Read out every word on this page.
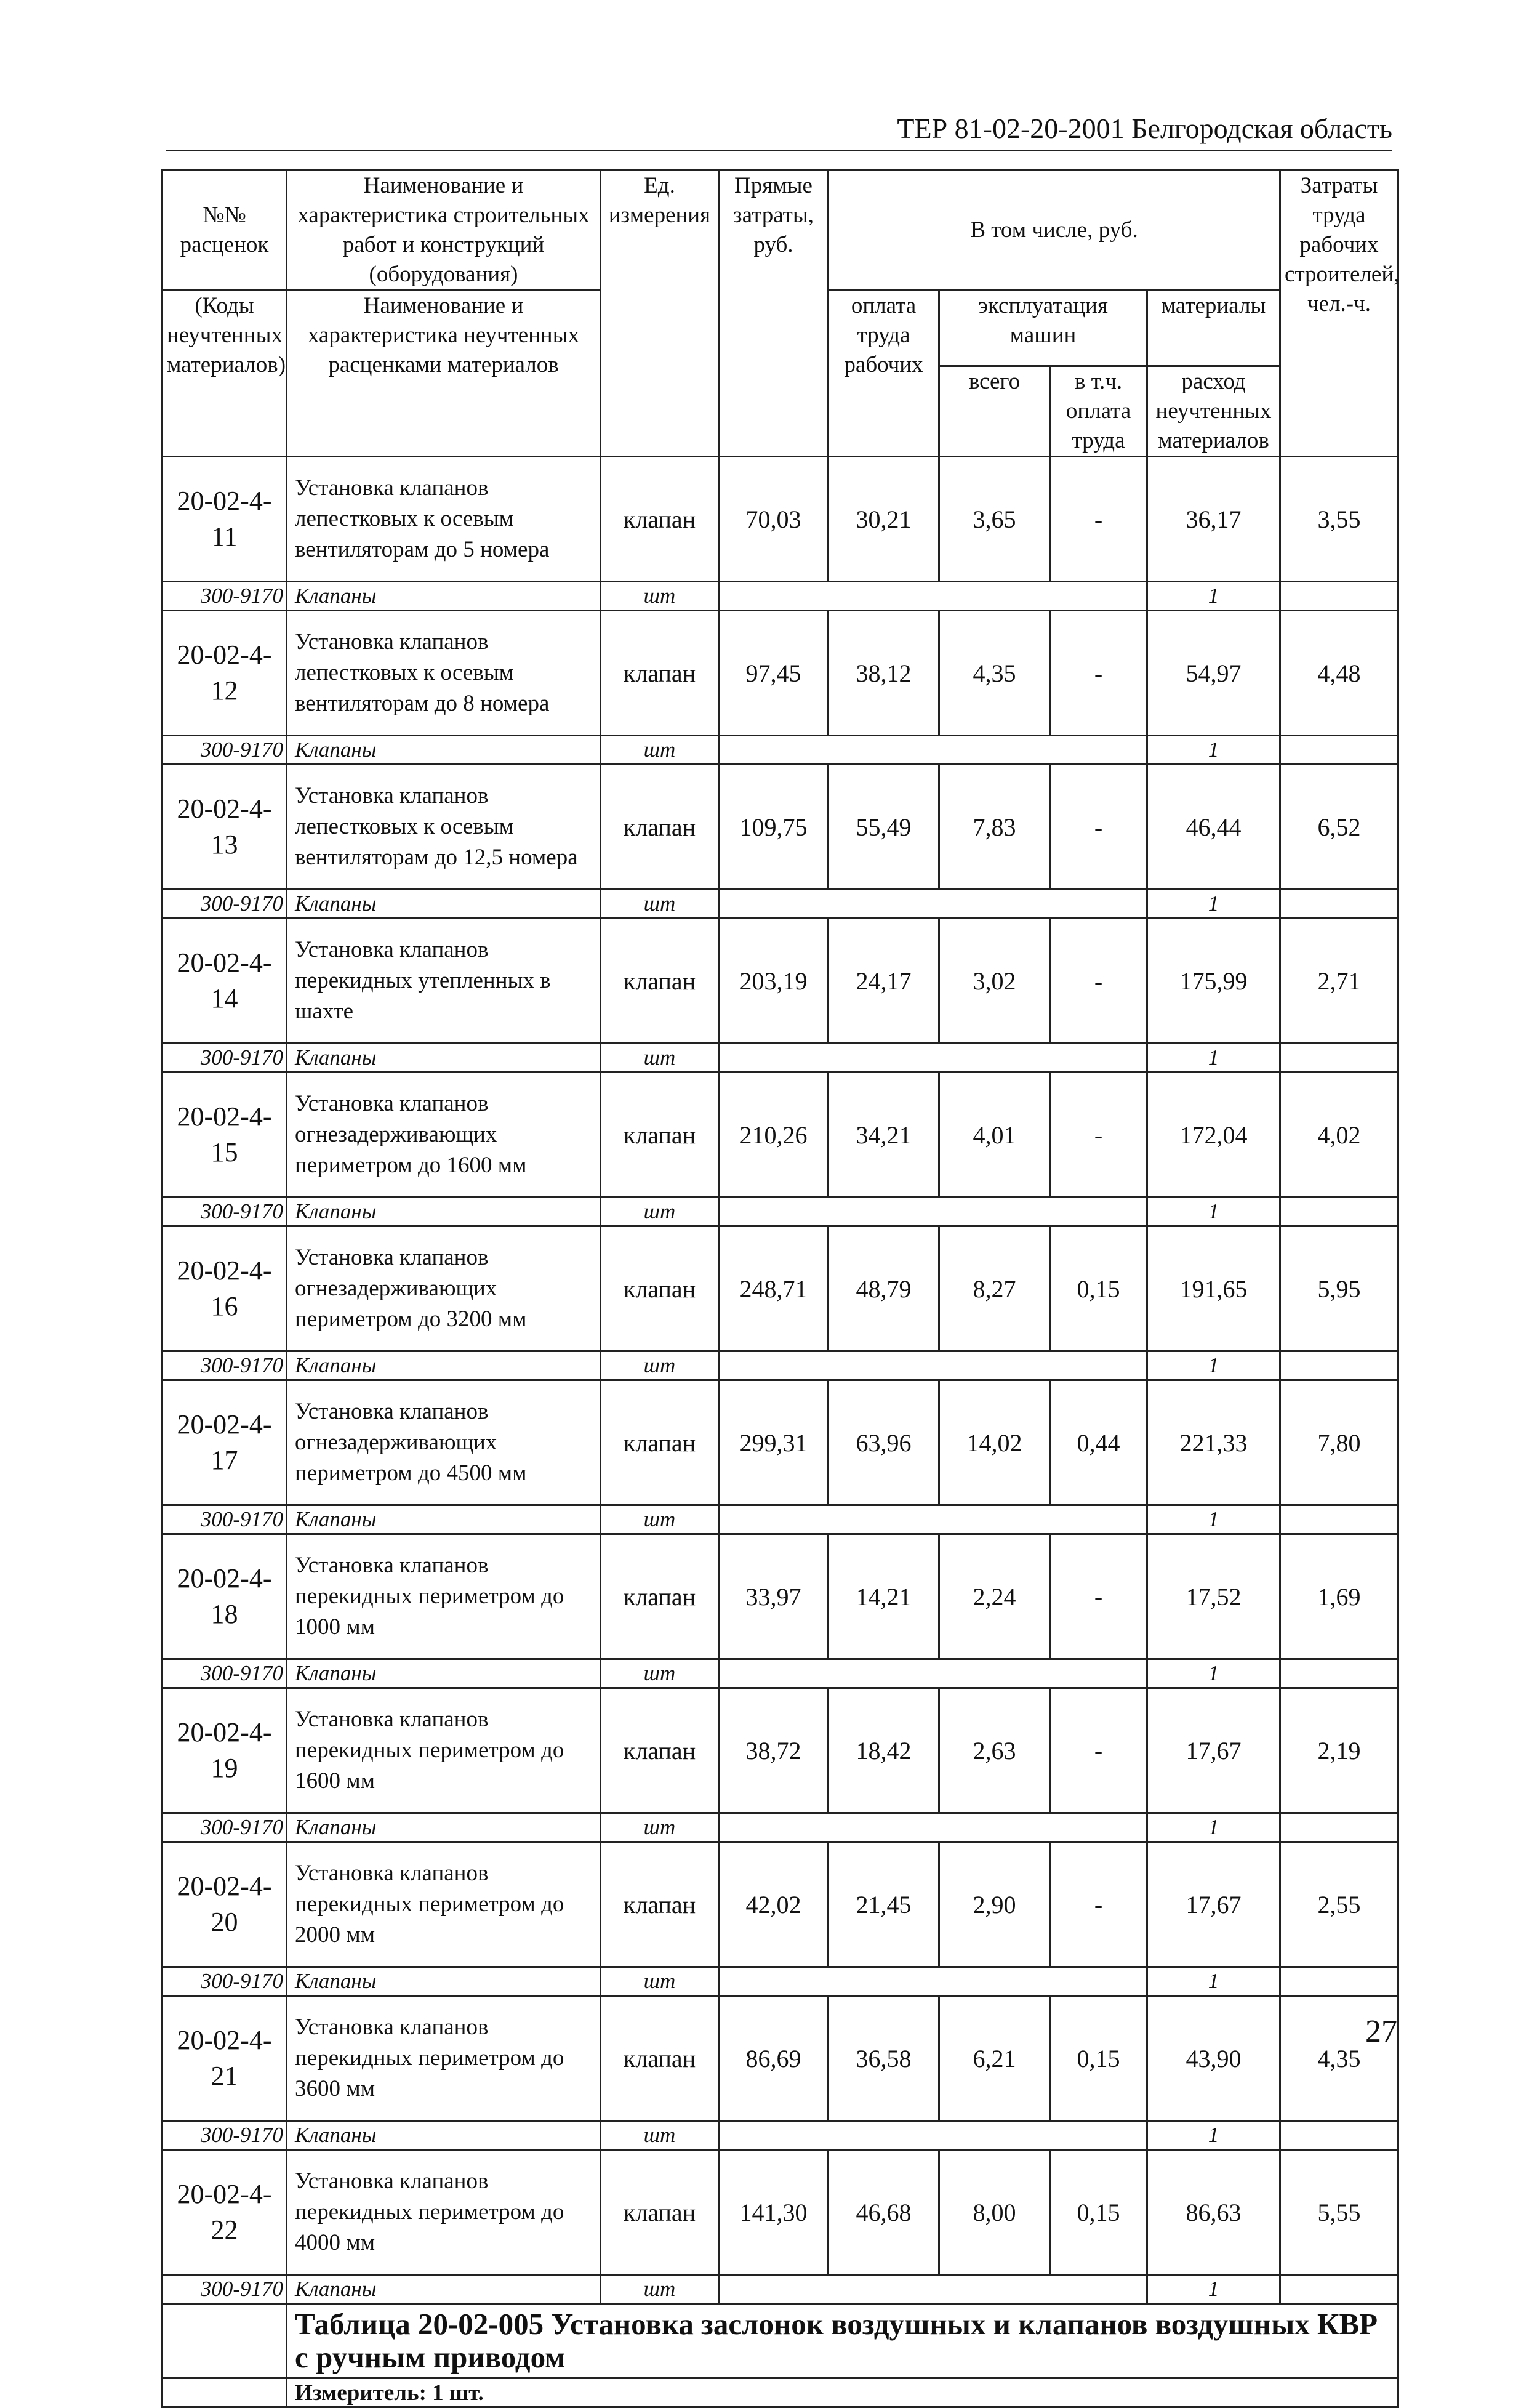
ТЕР 81-02-20-2001 Белгородская область
№№ расценок	Наименование и характеристика строительных работ и конструкций (оборудования)	Ед. измерения	Прямые затраты, руб.	В том числе, руб.				Затраты труда рабочих строителей, чел.-ч.
(Коды неучтенных материалов)	Наименование и характеристика неучтенных расценками материалов			оплата труда рабочих	эксплуатация машин		материалы	
					всего	в т.ч. оплата труда	расход неучтенных материалов	
20-02-4-11	Установка клапанов лепестковых к осевым вентиляторам до 5 номера	клапан	70,03	30,21	3,65	-	36,17	3,55
300-9170	Клапаны	шт					1	
20-02-4-12	Установка клапанов лепестковых к осевым вентиляторам до 8 номера	клапан	97,45	38,12	4,35	-	54,97	4,48
300-9170	Клапаны	шт					1	
20-02-4-13	Установка клапанов лепестковых к осевым вентиляторам до 12,5 номера	клапан	109,75	55,49	7,83	-	46,44	6,52
300-9170	Клапаны	шт					1	
20-02-4-14	Установка клапанов перекидных утепленных в шахте	клапан	203,19	24,17	3,02	-	175,99	2,71
300-9170	Клапаны	шт					1	
20-02-4-15	Установка клапанов огнезадерживающих периметром до 1600 мм	клапан	210,26	34,21	4,01	-	172,04	4,02
300-9170	Клапаны	шт					1	
20-02-4-16	Установка клапанов огнезадерживающих периметром до 3200 мм	клапан	248,71	48,79	8,27	0,15	191,65	5,95
300-9170	Клапаны	шт					1	
20-02-4-17	Установка клапанов огнезадерживающих периметром до 4500 мм	клапан	299,31	63,96	14,02	0,44	221,33	7,80
300-9170	Клапаны	шт					1	
20-02-4-18	Установка клапанов перекидных периметром до 1000 мм	клапан	33,97	14,21	2,24	-	17,52	1,69
300-9170	Клапаны	шт					1	
20-02-4-19	Установка клапанов перекидных периметром до 1600 мм	клапан	38,72	18,42	2,63	-	17,67	2,19
300-9170	Клапаны	шт					1	
20-02-4-20	Установка клапанов перекидных периметром до 2000 мм	клапан	42,02	21,45	2,90	-	17,67	2,55
300-9170	Клапаны	шт					1	
20-02-4-21	Установка клапанов перекидных периметром до 3600 мм	клапан	86,69	36,58	6,21	0,15	43,90	4,35
300-9170	Клапаны	шт					1	
20-02-4-22	Установка клапанов перекидных периметром до 4000 мм	клапан	141,30	46,68	8,00	0,15	86,63	5,55
300-9170	Клапаны	шт					1	
	Таблица 20-02-005 Установка заслонок воздушных и клапанов воздушных КВР с ручным приводом							
	Измеритель: 1 шт.							
27
